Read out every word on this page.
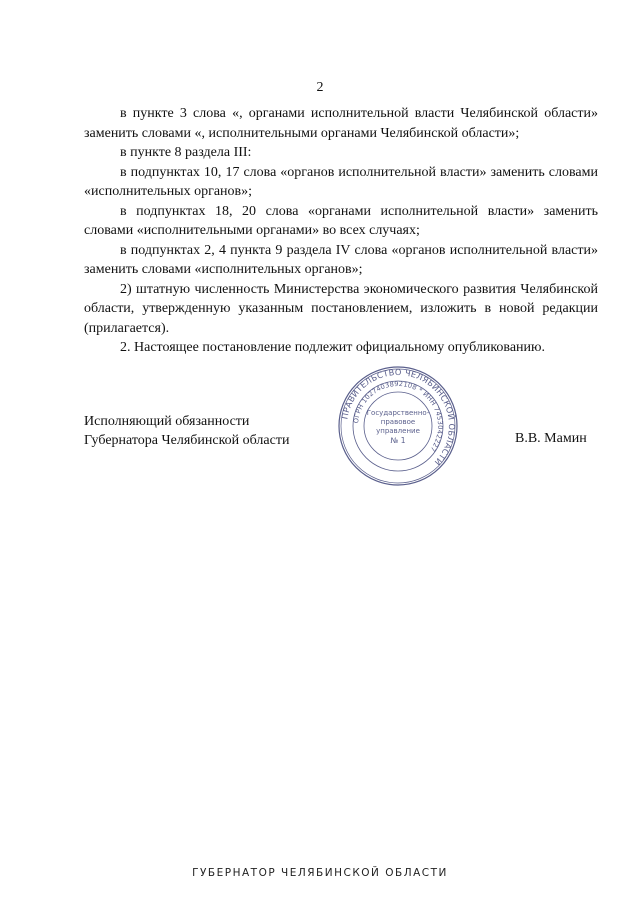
2

в пункте 3 слова «, органами исполнительной власти Челябинской области» заменить словами «, исполнительными органами Челябинской области»;

в пункте 8 раздела III:

в подпунктах 10, 17 слова «органов исполнительной власти» заменить словами «исполнительных органов»;

в подпунктах 18, 20 слова «органами исполнительной власти» заменить словами «исполнительными органами» во всех случаях;

в подпунктах 2, 4 пункта 9 раздела IV слова «органов исполнительной власти» заменить словами «исполнительных органов»;

2) штатную численность Министерства экономического развития Челябинской области, утвержденную указанным постановлением, изложить в новой редакции (прилагается).

2. Настоящее постановление подлежит официальному опубликованию.

Исполняющий обязанности
Губернатора Челябинской области
ПРАВИТЕЛЬСТВО ЧЕЛЯБИНСКОЙ ОБЛАСТИ
ОГРН 1027403892108 * ИНН 7453042227
Государственно-
правовое
управление
№ 1	В.В. Мамин
ГУБЕРНАТОР ЧЕЛЯБИНСКОЙ ОБЛАСТИ
